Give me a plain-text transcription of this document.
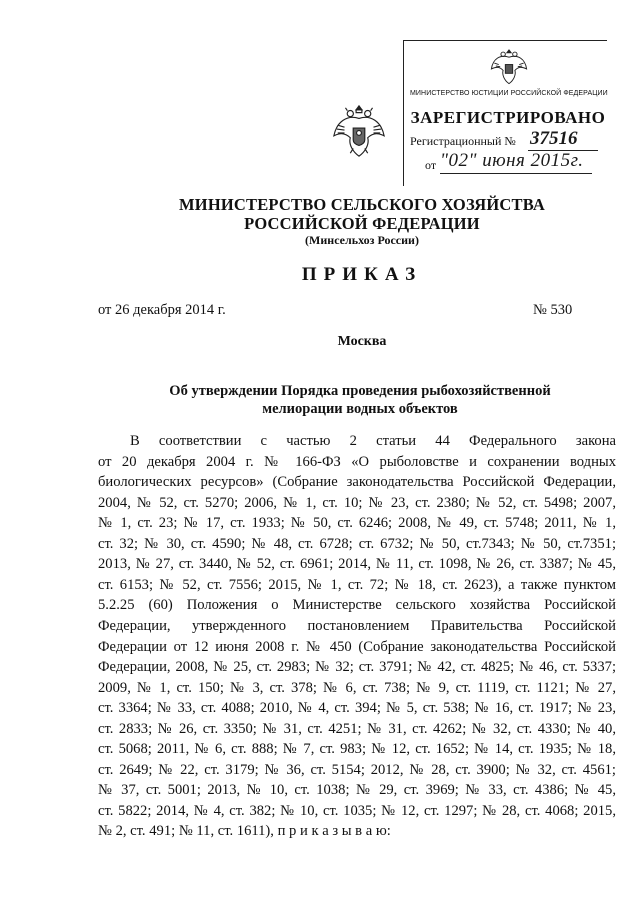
МИНИСТЕРСТВО ЮСТИЦИИ РОССИЙСКОЙ ФЕДЕРАЦИИ
ЗАРЕГИСТРИРОВАНО
Регистрационный № 37516
от "02" июня 2015г.
МИНИСТЕРСТВО СЕЛЬСКОГО ХОЗЯЙСТВА
РОССИЙСКОЙ ФЕДЕРАЦИИ
(Минсельхоз России)
ПРИКАЗ
от 26 декабря 2014 г.	№ 530
Москва
Об утверждении Порядка проведения рыбохозяйственной
мелиорации водных объектов
В соответствии с частью 2 статьи 44 Федерального закона
от 20 декабря 2004 г. № 166-ФЗ «О рыболовстве и сохранении водных
биологических ресурсов» (Собрание законодательства Российской Федерации,
2004, № 52, ст. 5270; 2006, № 1, ст. 10; № 23, ст. 2380; № 52, ст. 5498; 2007,
№ 1, ст. 23; № 17, ст. 1933; № 50, ст. 6246; 2008, № 49, ст. 5748; 2011, № 1,
ст. 32; № 30, ст. 4590; № 48, ст. 6728; ст. 6732; № 50, ст.7343; № 50, ст.7351;
2013, № 27, ст. 3440, № 52, ст. 6961; 2014, № 11, ст. 1098, № 26, ст. 3387; № 45,
ст. 6153; № 52, ст. 7556; 2015, № 1, ст. 72; № 18, ст. 2623), а также пунктом
5.2.25 (60) Положения о Министерстве сельского хозяйства Российской
Федерации, утвержденного постановлением Правительства Российской
Федерации от 12 июня 2008 г. № 450 (Собрание законодательства Российской
Федерации, 2008, № 25, ст. 2983; № 32; ст. 3791; № 42, ст. 4825; № 46, ст. 5337;
2009, № 1, ст. 150; № 3, ст. 378; № 6, ст. 738; № 9, ст. 1119, ст. 1121; № 27,
ст. 3364; № 33, ст. 4088; 2010, № 4, ст. 394; № 5, ст. 538; № 16, ст. 1917; № 23,
ст. 2833; № 26, ст. 3350; № 31, ст. 4251; № 31, ст. 4262; № 32, ст. 4330; № 40,
ст. 5068; 2011, № 6, ст. 888; № 7, ст. 983; № 12, ст. 1652; № 14, ст. 1935; № 18,
ст. 2649; № 22, ст. 3179; № 36, ст. 5154; 2012, № 28, ст. 3900; № 32, ст. 4561;
№ 37, ст. 5001; 2013, № 10, ст. 1038; № 29, ст. 3969; № 33, ст. 4386; № 45,
ст. 5822; 2014, № 4, ст. 382; № 10, ст. 1035; № 12, ст. 1297; № 28, ст. 4068; 2015,
№ 2, ст. 491; № 11, ст. 1611), п р и к а з ы в а ю:
